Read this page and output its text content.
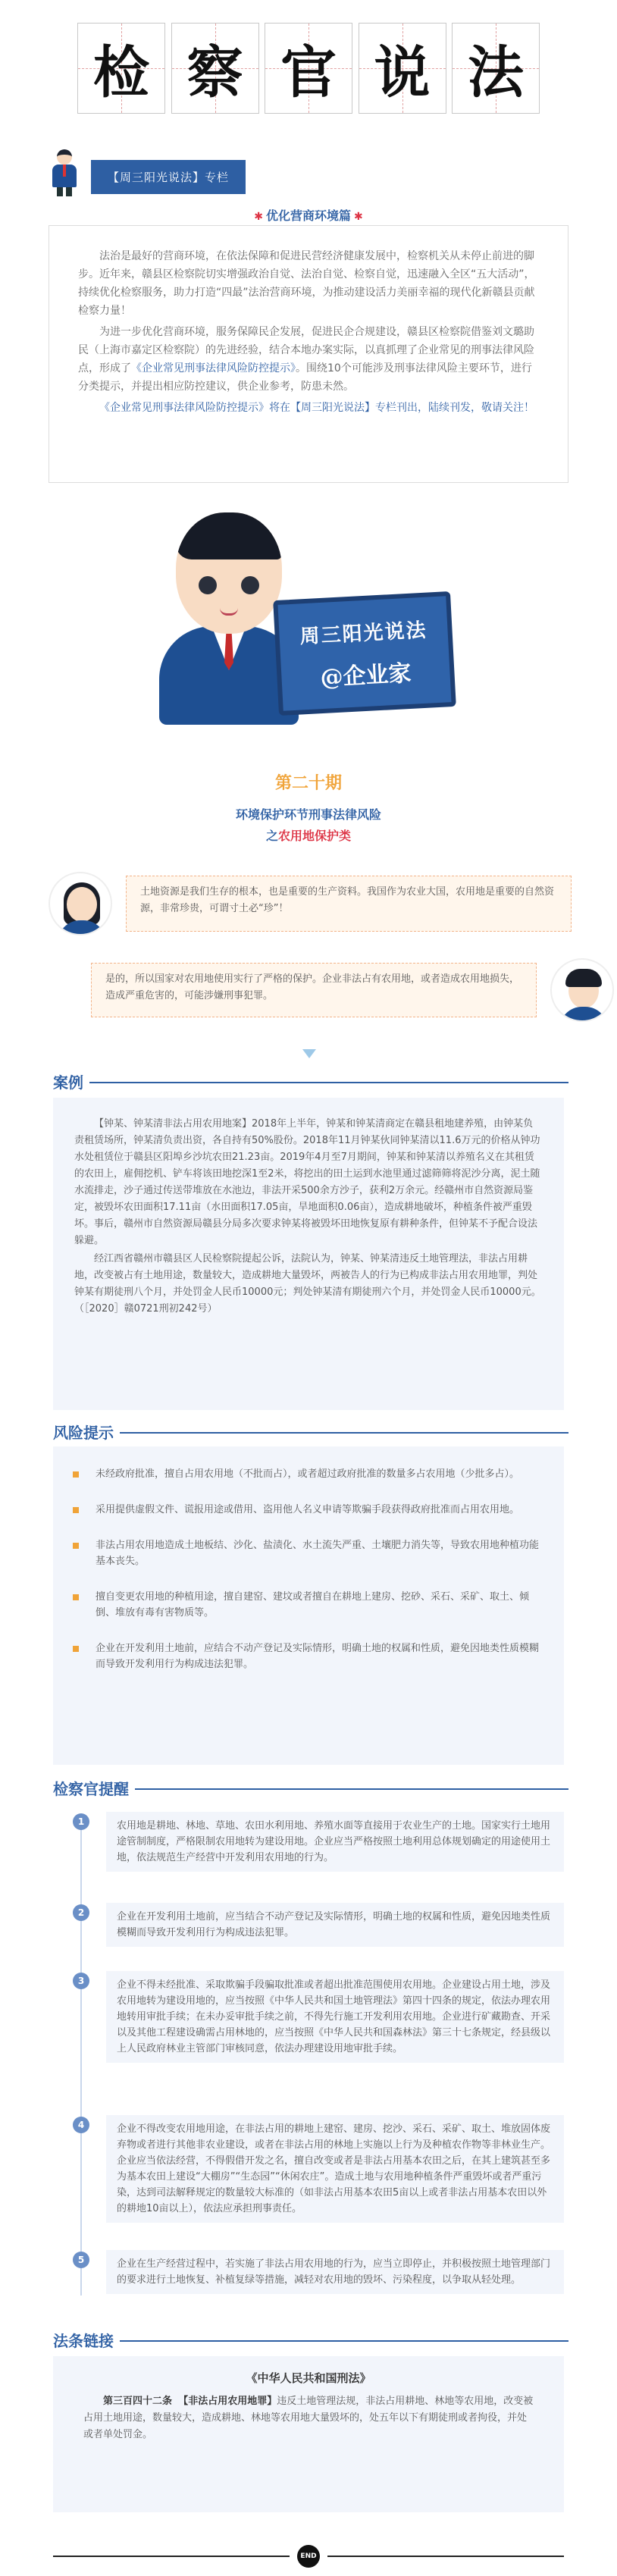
检 察 官 说 法
【周三阳光说法】专栏
✱ 优化营商环境篇 ✱

法治是最好的营商环境，在依法保障和促进民营经济健康发展中，检察机关从未停止前进的脚步。近年来，赣县区检察院切实增强政治自觉、法治自觉、检察自觉，迅速融入全区“五大活动”，持续优化检察服务，助力打造“四最”法治营商环境，为推动建设活力美丽幸福的现代化新赣县贡献检察力量！

为进一步优化营商环境，服务保障民企发展，促进民企合规建设，赣县区检察院借鉴刘文璐助民（上海市嘉定区检察院）的先进经验，结合本地办案实际，以真抓理了企业常见的刑事法律风险点，形成了《企业常见刑事法律风险防控提示》。围绕10个可能涉及刑事法律风险主要环节，进行分类提示，并提出相应防控建议，供企业参考，防患未然。

《企业常见刑事法律风险防控提示》将在【周三阳光说法】专栏刊出，陆续刊发，敬请关注！

周三阳光说法
@企业家
第二十期
环境保护环节刑事法律风险
之农用地保护类
土地资源是我们生存的根本，也是重要的生产资料。我国作为农业大国，农用地是重要的自然资源，非常珍贵，可谓寸土必“珍”！
是的，所以国家对农用地使用实行了严格的保护。企业非法占有农用地，或者造成农用地损失，造成严重危害的，可能涉嫌刑事犯罪。
案例

【钟某、钟某清非法占用农用地案】2018年上半年，钟某和钟某清商定在赣县租地建养殖，由钟某负责租赁场所，钟某清负责出资，各自持有50%股份。2018年11月钟某伙同钟某清以11.6万元的价格从钟功水处租赁位于赣县区阳埠乡沙坑农田21.23亩。2019年4月至7月期间，钟某和钟某清以养殖名义在其租赁的农田上，雇佣挖机、铲车将该田地挖深1至2米，将挖出的田土运到水池里通过滤筛筛将泥沙分离，泥土随水流排走，沙子通过传送带堆放在水池边，非法开采500余方沙子，获利2万余元。经赣州市自然资源局鉴定，被毁坏农田面积17.11亩（水田面积17.05亩，旱地面积0.06亩），造成耕地破坏，种植条件被严重毁坏。事后，赣州市自然资源局赣县分局多次要求钟某将被毁坏田地恢复原有耕种条件，但钟某不予配合设法躲避。

经江西省赣州市赣县区人民检察院提起公诉，法院认为，钟某、钟某清违反土地管理法，非法占用耕地，改变被占有土地用途，数量较大，造成耕地大量毁坏，两被告人的行为已构成非法占用农用地罪，判处钟某有期徒刑八个月，并处罚金人民币10000元；判处钟某清有期徒刑六个月，并处罚金人民币10000元。（［2020］赣0721刑初242号）

风险提示

未经政府批准，擅自占用农用地（不批而占），或者超过政府批准的数量多占农用地（少批多占）。

采用提供虚假文件、谎报用途或借用、盗用他人名义申请等欺骗手段获得政府批准而占用农用地。

非法占用农用地造成土地板结、沙化、盐渍化、水土流失严重、土壤肥力消失等，导致农用地种植功能基本丧失。

擅自变更农用地的种植用途，擅自建窑、建坟或者擅自在耕地上建房、挖砂、采石、采矿、取土、倾倒、堆放有毒有害物质等。

企业在开发利用土地前，应结合不动产登记及实际情形，明确土地的权属和性质，避免因地类性质模糊而导致开发利用行为构成违法犯罪。

检察官提醒
1	农用地是耕地、林地、草地、农田水利用地、养殖水面等直接用于农业生产的土地。国家实行土地用途管制制度，严格限制农用地转为建设用地。企业应当严格按照土地利用总体规划确定的用途使用土地，依法规范生产经营中开发利用农用地的行为。
2	企业在开发利用土地前，应当结合不动产登记及实际情形，明确土地的权属和性质，避免因地类性质模糊而导致开发利用行为构成违法犯罪。
3	企业不得未经批准、采取欺骗手段骗取批准或者超出批准范围使用农用地。企业建设占用土地，涉及农用地转为建设用地的，应当按照《中华人民共和国土地管理法》第四十四条的规定，依法办理农用地转用审批手续；在未办妥审批手续之前，不得先行施工开发利用农用地。企业进行矿藏勘查、开采以及其他工程建设确需占用林地的，应当按照《中华人民共和国森林法》第三十七条规定，经县级以上人民政府林业主管部门审核同意，依法办理建设用地审批手续。
4	企业不得改变农用地用途，在非法占用的耕地上建窑、建房、挖沙、采石、采矿、取土、堆放固体废弃物或者进行其他非农业建设，或者在非法占用的林地上实施以上行为及种植农作物等非林业生产。企业应当依法经营，不得假借开发之名，擅自改变或者是非法占用基本农田之后，在其上建筑甚至多为基本农田上建设“大棚房”“生态园”“休闲农庄”。造成土地与农用地种植条件严重毁坏或者严重污染，达到司法解释规定的数量较大标准的（如非法占用基本农田5亩以上或者非法占用基本农田以外的耕地10亩以上），依法应承担刑事责任。
5	企业在生产经营过程中，若实施了非法占用农用地的行为，应当立即停止，并积极按照土地管理部门的要求进行土地恢复、补植复绿等措施，减轻对农用地的毁坏、污染程度，以争取从轻处理。
法条链接
《中华人民共和国刑法》

第三百四十二条 【非法占用农用地罪】违反土地管理法规，非法占用耕地、林地等农用地，改变被占用土地用途，数量较大，造成耕地、林地等农用地大量毁坏的，处五年以下有期徒刑或者拘役，并处或者单处罚金。

END
